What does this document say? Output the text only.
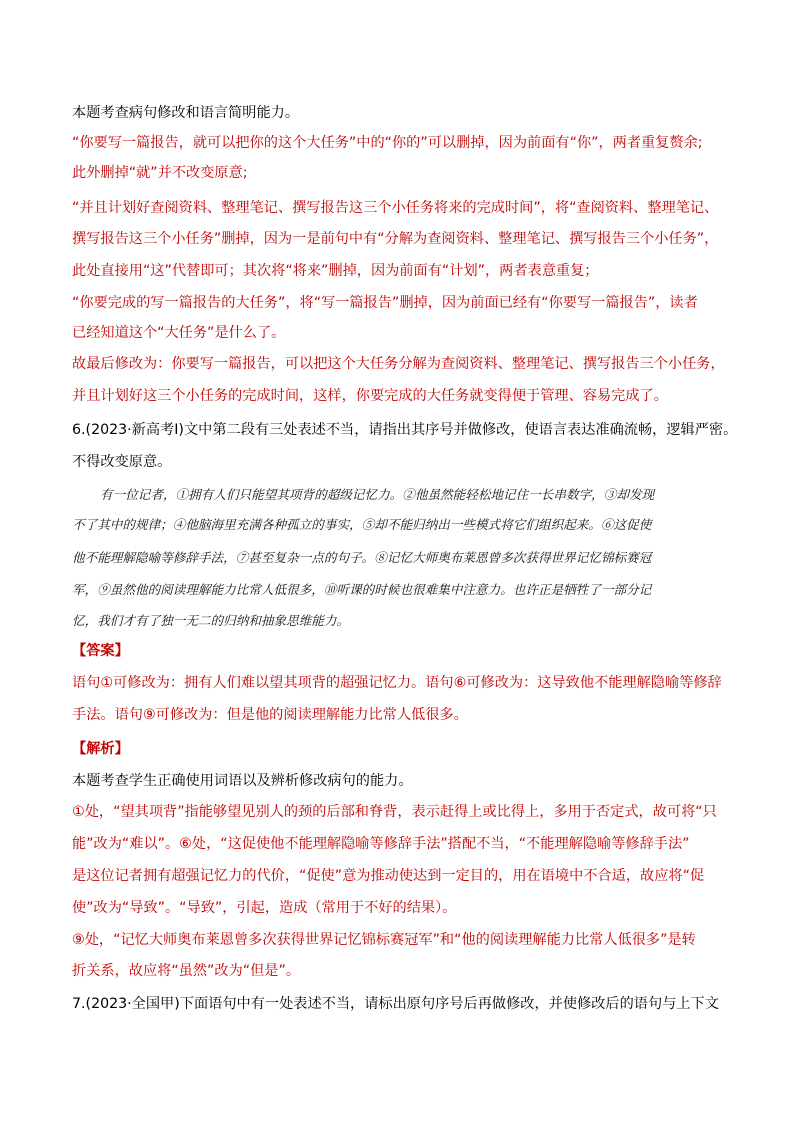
本题考查病句修改和语言简明能力。
“你要写一篇报告，就可以把你的这个大任务”中的“你的”可以删掉，因为前面有“你”，两者重复赘余;
此外删掉“就”并不改变原意;
“并且计划好查阅资料、整理笔记、撰写报告这三个小任务将来的完成时间”，将“查阅资料、整理笔记、
撰写报告这三个小任务”删掉，因为一是前句中有“分解为查阅资料、整理笔记、撰写报告三个小任务”，
此处直接用“这”代替即可；其次将“将来”删掉，因为前面有“计划”，两者表意重复；
“你要完成的写一篇报告的大任务”，将“写一篇报告”删掉，因为前面已经有“你要写一篇报告”，读者
已经知道这个“大任务”是什么了。
故最后修改为：你要写一篇报告，可以把这个大任务分解为查阅资料、整理笔记、撰写报告三个小任务，
并且计划好这三个小任务的完成时间，这样，你要完成的大任务就变得便于管理、容易完成了。
6.(2023·新高考Ⅰ)文中第二段有三处表述不当，请指出其序号并做修改，使语言表达准确流畅，逻辑严密。
不得改变原意。
有一位记者，①拥有人们只能望其项背的超级记忆力。②他虽然能轻松地记住一长串数字，③却发现
不了其中的规律；④他脑海里充满各种孤立的事实，⑤却不能归纳出一些模式将它们组织起来。⑥这促使
他不能理解隐喻等修辞手法，⑦甚至复杂一点的句子。⑧记忆大师奥布莱恩曾多次获得世界记忆锦标赛冠
军，⑨虽然他的阅读理解能力比常人低很多，⑩听课的时候也很难集中注意力。也许正是牺牲了一部分记
忆，我们才有了独一无二的归纳和抽象思维能力。
【答案】
语句①可修改为：拥有人们难以望其项背的超强记忆力。语句⑥可修改为：这导致他不能理解隐喻等修辞
手法。语句⑨可修改为：但是他的阅读理解能力比常人低很多。
【解析】
本题考查学生正确使用词语以及辨析修改病句的能力。
①处，“望其项背”指能够望见别人的颈的后部和脊背，表示赶得上或比得上，多用于否定式，故可将“只
能”改为“难以”。⑥处，“这促使他不能理解隐喻等修辞手法”搭配不当，“不能理解隐喻等修辞手法”
是这位记者拥有超强记忆力的代价，“促使”意为推动使达到一定目的，用在语境中不合适，故应将“促
使”改为“导致”。“导致”，引起，造成（常用于不好的结果）。
⑨处，“记忆大师奥布莱恩曾多次获得世界记忆锦标赛冠军”和“他的阅读理解能力比常人低很多”是转
折关系，故应将“虽然”改为“但是”。
7.(2023·全国甲)下面语句中有一处表述不当，请标出原句序号后再做修改，并使修改后的语句与上下文
